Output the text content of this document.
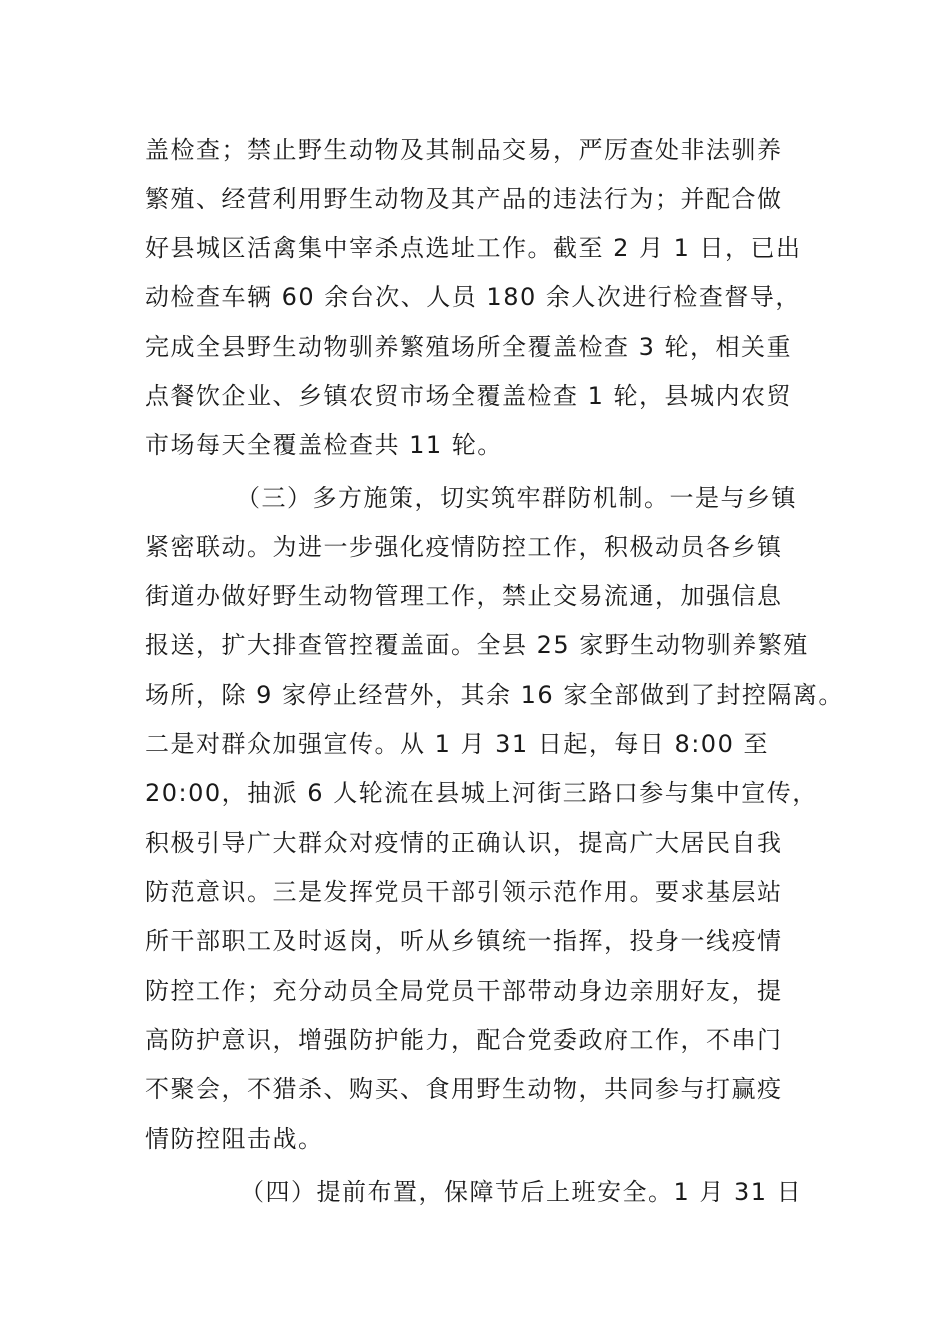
盖检查；禁止野生动物及其制品交易，严厉查处非法驯养
繁殖、经营利用野生动物及其产品的违法行为；并配合做
好县城区活禽集中宰杀点选址工作。截至 2 月 1 日，已出
动检查车辆 60 余台次、人员 180 余人次进行检查督导，
完成全县野生动物驯养繁殖场所全覆盖检查 3 轮，相关重
点餐饮企业、乡镇农贸市场全覆盖检查 1 轮，县城内农贸
市场每天全覆盖检查共 11 轮。
（三）多方施策，切实筑牢群防机制。一是与乡镇
紧密联动。为进一步强化疫情防控工作，积极动员各乡镇
街道办做好野生动物管理工作，禁止交易流通，加强信息
报送，扩大排查管控覆盖面。全县 25 家野生动物驯养繁殖
场所，除 9 家停止经营外，其余 16 家全部做到了封控隔离。
二是对群众加强宣传。从 1 月 31 日起，每日 8:00 至
20:00，抽派 6 人轮流在县城上河街三路口参与集中宣传，
积极引导广大群众对疫情的正确认识，提高广大居民自我
防范意识。三是发挥党员干部引领示范作用。要求基层站
所干部职工及时返岗，听从乡镇统一指挥，投身一线疫情
防控工作；充分动员全局党员干部带动身边亲朋好友，提
高防护意识，增强防护能力，配合党委政府工作，不串门
不聚会，不猎杀、购买、食用野生动物，共同参与打赢疫
情防控阻击战。
（四）提前布置，保障节后上班安全。1 月 31 日
